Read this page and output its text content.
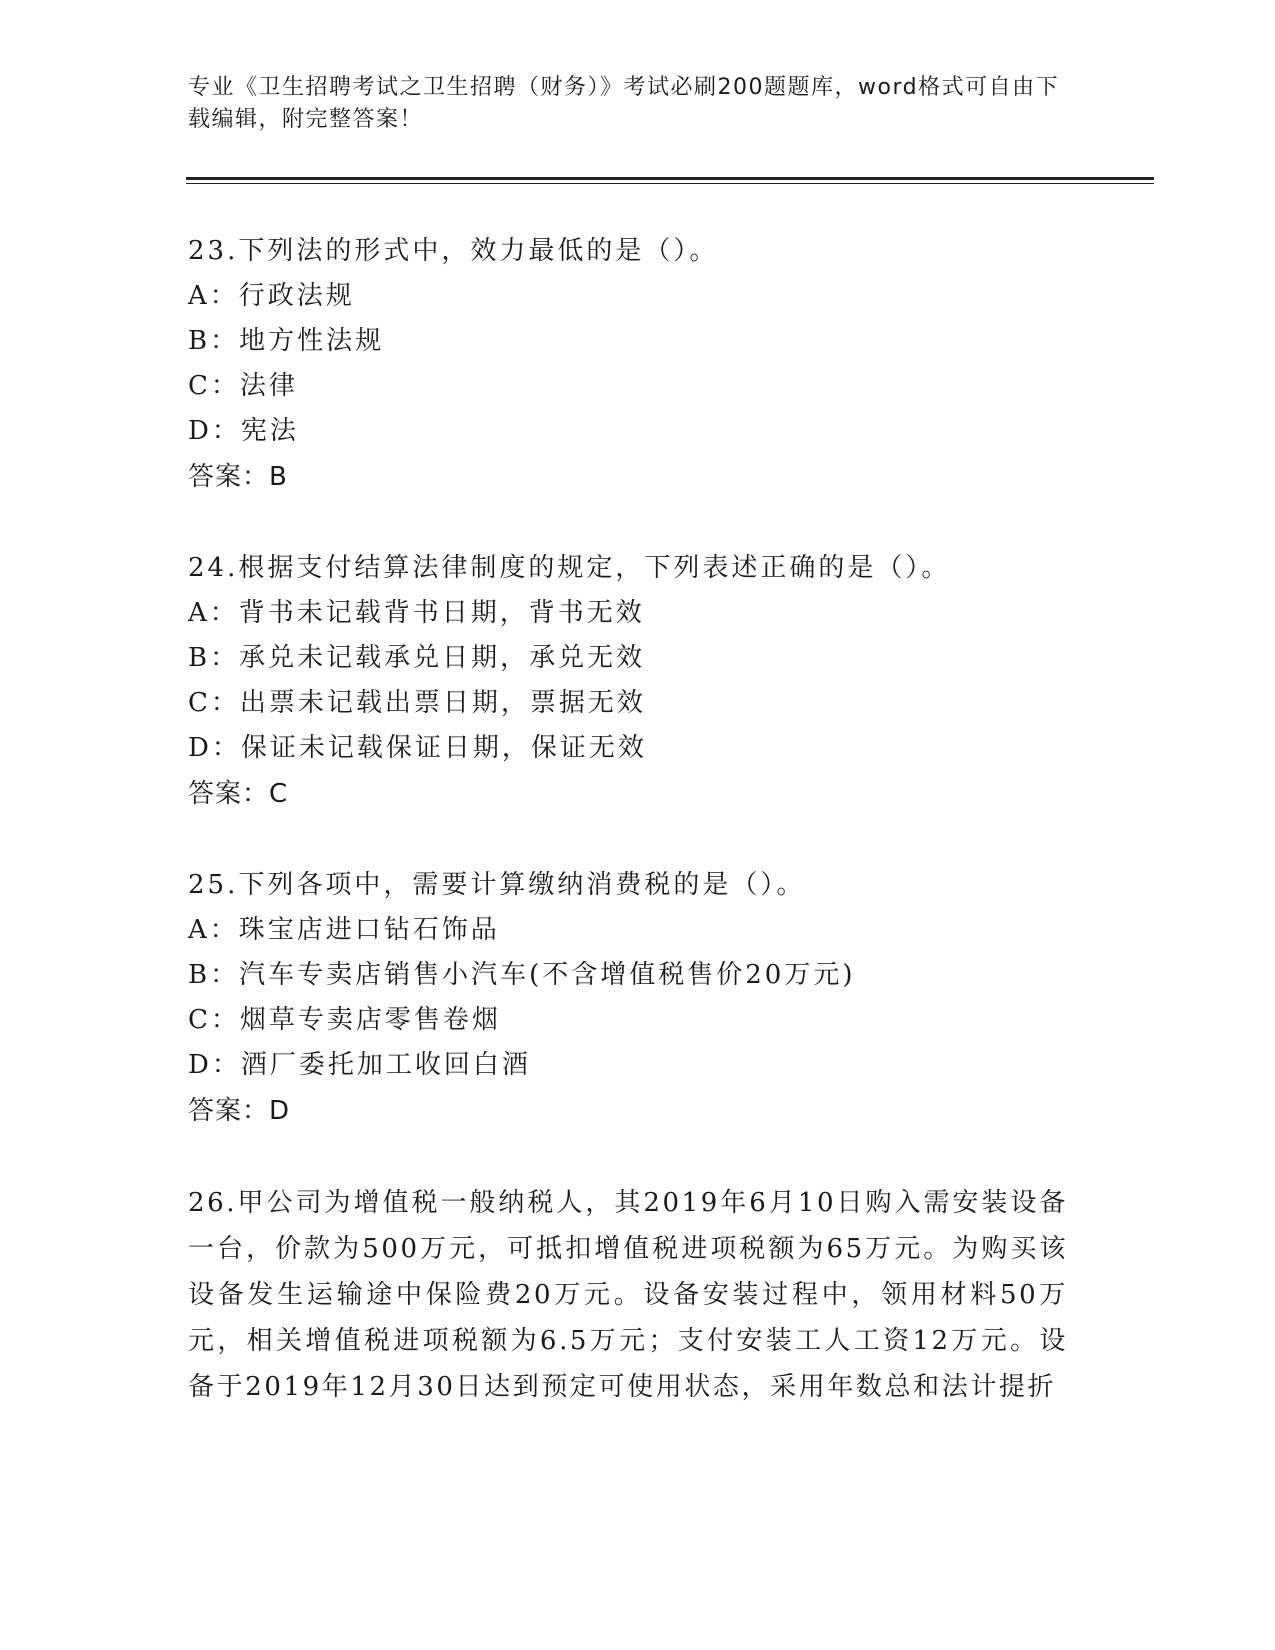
专业《卫生招聘考试之卫生招聘（财务）》考试必刷200题题库，word格式可自由下载编辑，附完整答案！

23.下列法的形式中，效力最低的是（）。

A：行政法规

B：地方性法规

C：法律

D：宪法

答案：B

24.根据支付结算法律制度的规定，下列表述正确的是（）。

A：背书未记载背书日期，背书无效

B：承兑未记载承兑日期，承兑无效

C：出票未记载出票日期，票据无效

D：保证未记载保证日期，保证无效

答案：C

25.下列各项中，需要计算缴纳消费税的是（）。

A：珠宝店进口钻石饰品

B：汽车专卖店销售小汽车(不含增值税售价20万元)

C：烟草专卖店零售卷烟

D：酒厂委托加工收回白酒

答案：D

26.甲公司为增值税一般纳税人，其2019年6月10日购入需安装设备一台，价款为500万元，可抵扣增值税进项税额为65万元。为购买该设备发生运输途中保险费20万元。设备安装过程中，领用材料50万元，相关增值税进项税额为6.5万元；支付安装工人工资12万元。设备于2019年12月30日达到预定可使用状态，采用年数总和法计提折
